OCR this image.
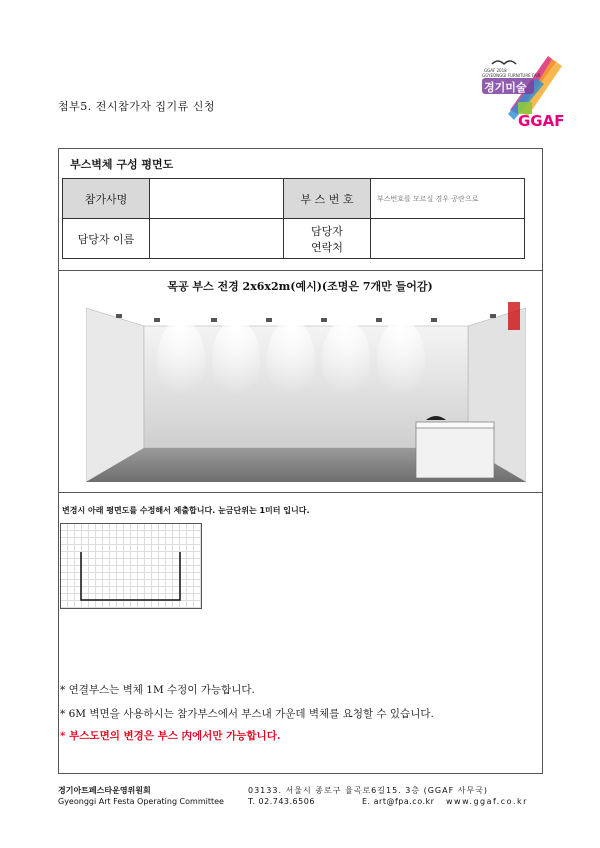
GGAF 2018
GGYEONGGI FURNITURE FAIR
경기미술
GGAF
첨부5. 전시참가자 집기류 신청
부스벽체 구성 평면도
참가사명		부 스 번 호	부스번호를 모르실 경우 공란으로
담당자 이름		담당자
연락처	

목공 부스 전경 2x6x2m(예시)(조명은 7개만 들어감)
변경시 아래 평면도를 수정해서 제출합니다. 눈금단위는 1미터 입니다.
* 연결부스는 벽체 1M 수정이 가능합니다.
* 6M 벽면을 사용하시는 참가부스에서 부스내 가운데 벽체를 요청할 수 있습니다.
* 부스도면의 변경은 부스 内에서만 가능합니다.
경기아트페스타운영위원회
Gyeonggi Art Festa Operating Committee
03133. 서울시 종로구 율곡로6길15. 3층 (GGAF 사무국)
T. 02.743.6506	E. art@fpa.co.kr www.ggaf.co.kr
